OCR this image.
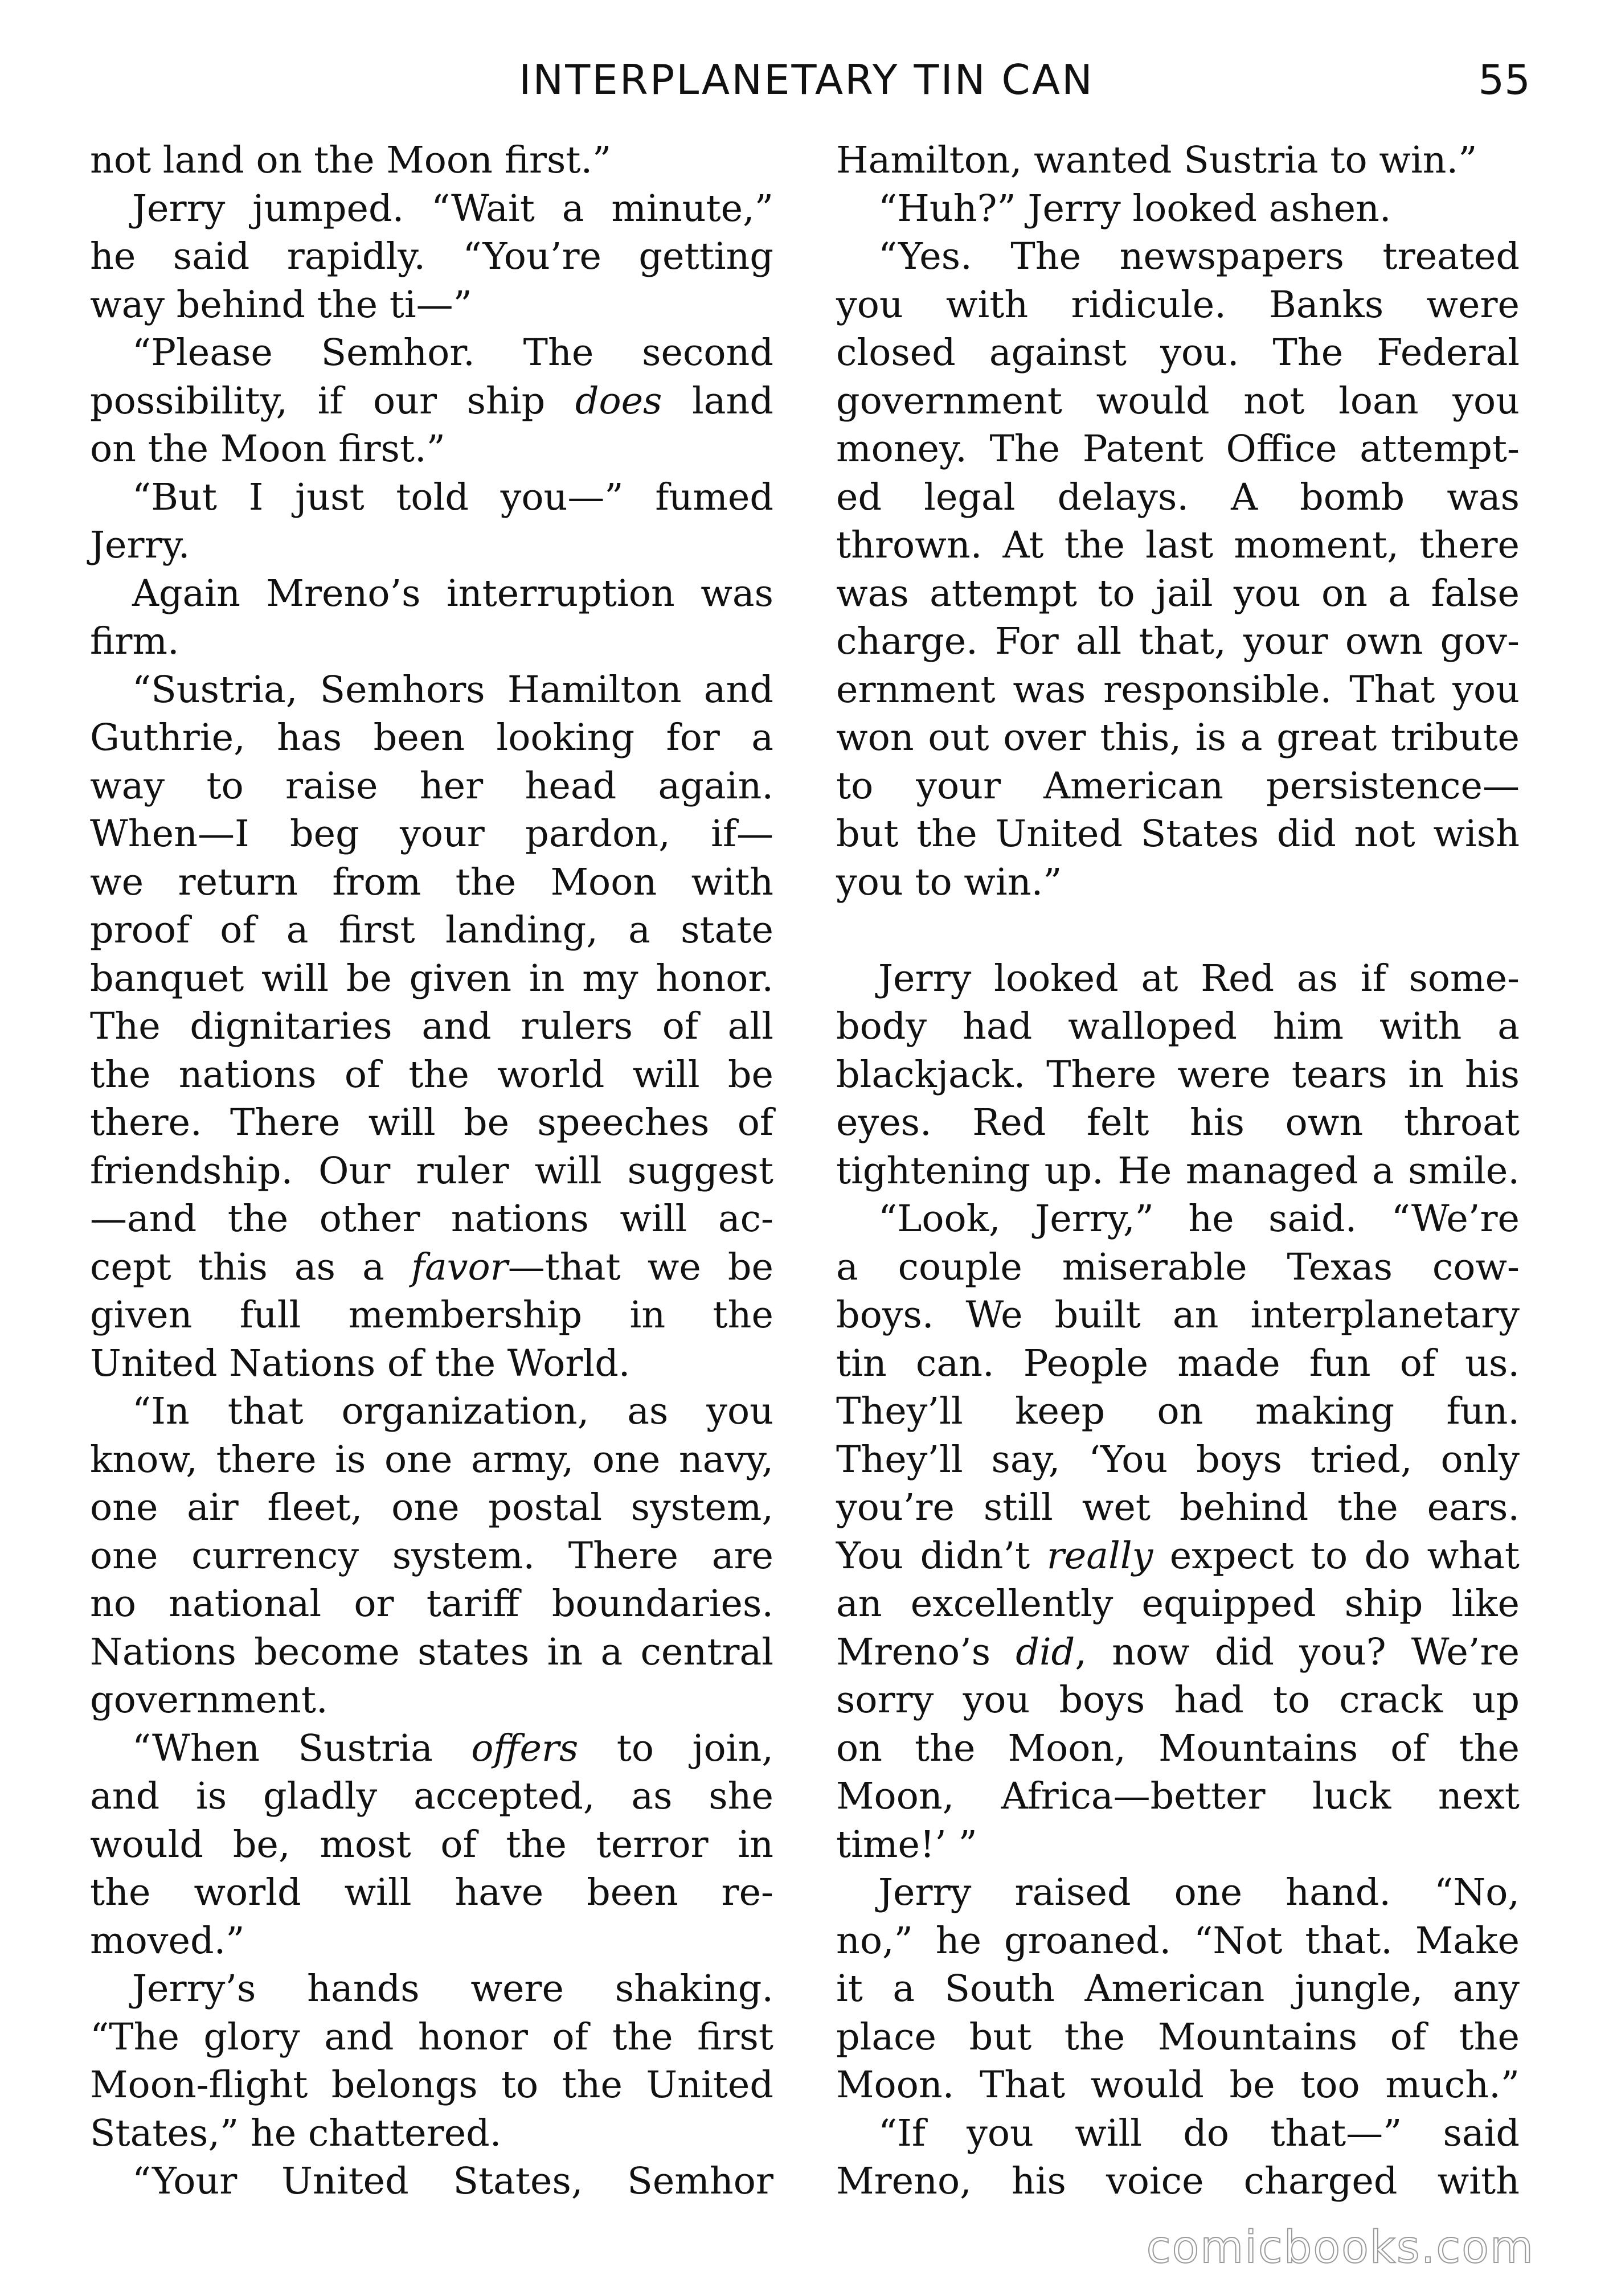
INTERPLANETARY TIN CAN	55
not land on the Moon first.”
Jerry jumped. “Wait a minute,”
he said rapidly. “You’re getting
way behind the ti—”
“Please Semhor. The second
possibility, if our ship does land
on the Moon first.”
“But I just told you—” fumed
Jerry.
Again Mreno’s interruption was
firm.
“Sustria, Semhors Hamilton and
Guthrie, has been looking for a
way to raise her head again.
When—I beg your pardon, if—
we return from the Moon with
proof of a first landing, a state
banquet will be given in my honor.
The dignitaries and rulers of all
the nations of the world will be
there. There will be speeches of
friendship. Our ruler will suggest
—and the other nations will ac-
cept this as a favor—that we be
given full membership in the
United Nations of the World.
“In that organization, as you
know, there is one army, one navy,
one air fleet, one postal system,
one currency system. There are
no national or tariff boundaries.
Nations become states in a central
government.
“When Sustria offers to join,
and is gladly accepted, as she
would be, most of the terror in
the world will have been re-
moved.”
Jerry’s hands were shaking.
“The glory and honor of the first
Moon-flight belongs to the United
States,” he chattered.
“Your United States, Semhor
Hamilton, wanted Sustria to win.”
“Huh?” Jerry looked ashen.
“Yes. The newspapers treated
you with ridicule. Banks were
closed against you. The Federal
government would not loan you
money. The Patent Office attempt-
ed legal delays. A bomb was
thrown. At the last moment, there
was attempt to jail you on a false
charge. For all that, your own gov-
ernment was responsible. That you
won out over this, is a great tribute
to your American persistence—
but the United States did not wish
you to win.”
Jerry looked at Red as if some-
body had walloped him with a
blackjack. There were tears in his
eyes. Red felt his own throat
tightening up. He managed a smile.
“Look, Jerry,” he said. “We’re
a couple miserable Texas cow-
boys. We built an interplanetary
tin can. People made fun of us.
They’ll keep on making fun.
They’ll say, ‘You boys tried, only
you’re still wet behind the ears.
You didn’t really expect to do what
an excellently equipped ship like
Mreno’s did, now did you? We’re
sorry you boys had to crack up
on the Moon, Mountains of the
Moon, Africa—better luck next
time!’ ”
Jerry raised one hand. “No,
no,” he groaned. “Not that. Make
it a South American jungle, any
place but the Mountains of the
Moon. That would be too much.”
“If you will do that—” said
Mreno, his voice charged with
comicbooks.com
